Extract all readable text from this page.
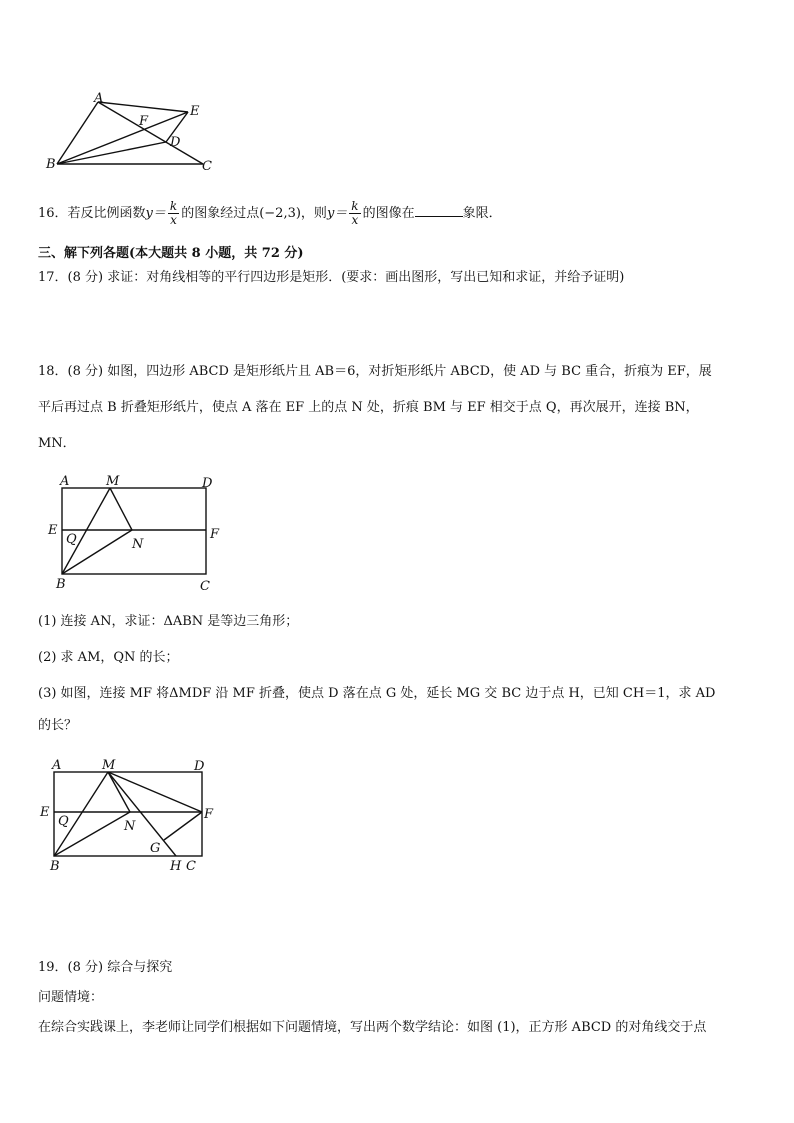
A
E
F
D
B	C
16．若反比例函数$y= \frac{k}{x}$ 的图象经过点(−2,3)，则$y= \frac{k}{x}$ 的图像在	象限．
三、解下列各题(本大题共 8 小题，共 72 分)
17．(8 分) 求证：对角线相等的平行四边形是矩形．(要求：画出图形，写出已知和求证，并给予证明)
18．(8 分) 如图，四边形 ABCD 是矩形纸片且 AB＝6，对折矩形纸片 ABCD，使 AD 与 BC 重合，折痕为 EF，展
平后再过点 B 折叠矩形纸片，使点 A 落在 EF 上的点 N 处，折痕 BM 与 EF 相交于点 Q，再次展开，连接 BN，
MN．
A	M	D
E
Q	N
F
B	C
(1) 连接 AN，求证：ΔABN 是等边三角形；
(2) 求 AM，QN 的长；
(3) 如图，连接 MF 将ΔMDF 沿 MF 折叠，使点 D 落在点 G 处，延长 MG 交 BC 边于点 H，已知 CH＝1，求 AD
的长？
A	M	D
E
Q	N
F
G
B	H C
19．(8 分) 综合与探究
问题情境：
在综合实践课上，李老师让同学们根据如下问题情境，写出两个数学结论：如图 (1)，正方形 ABCD 的对角线交于点
